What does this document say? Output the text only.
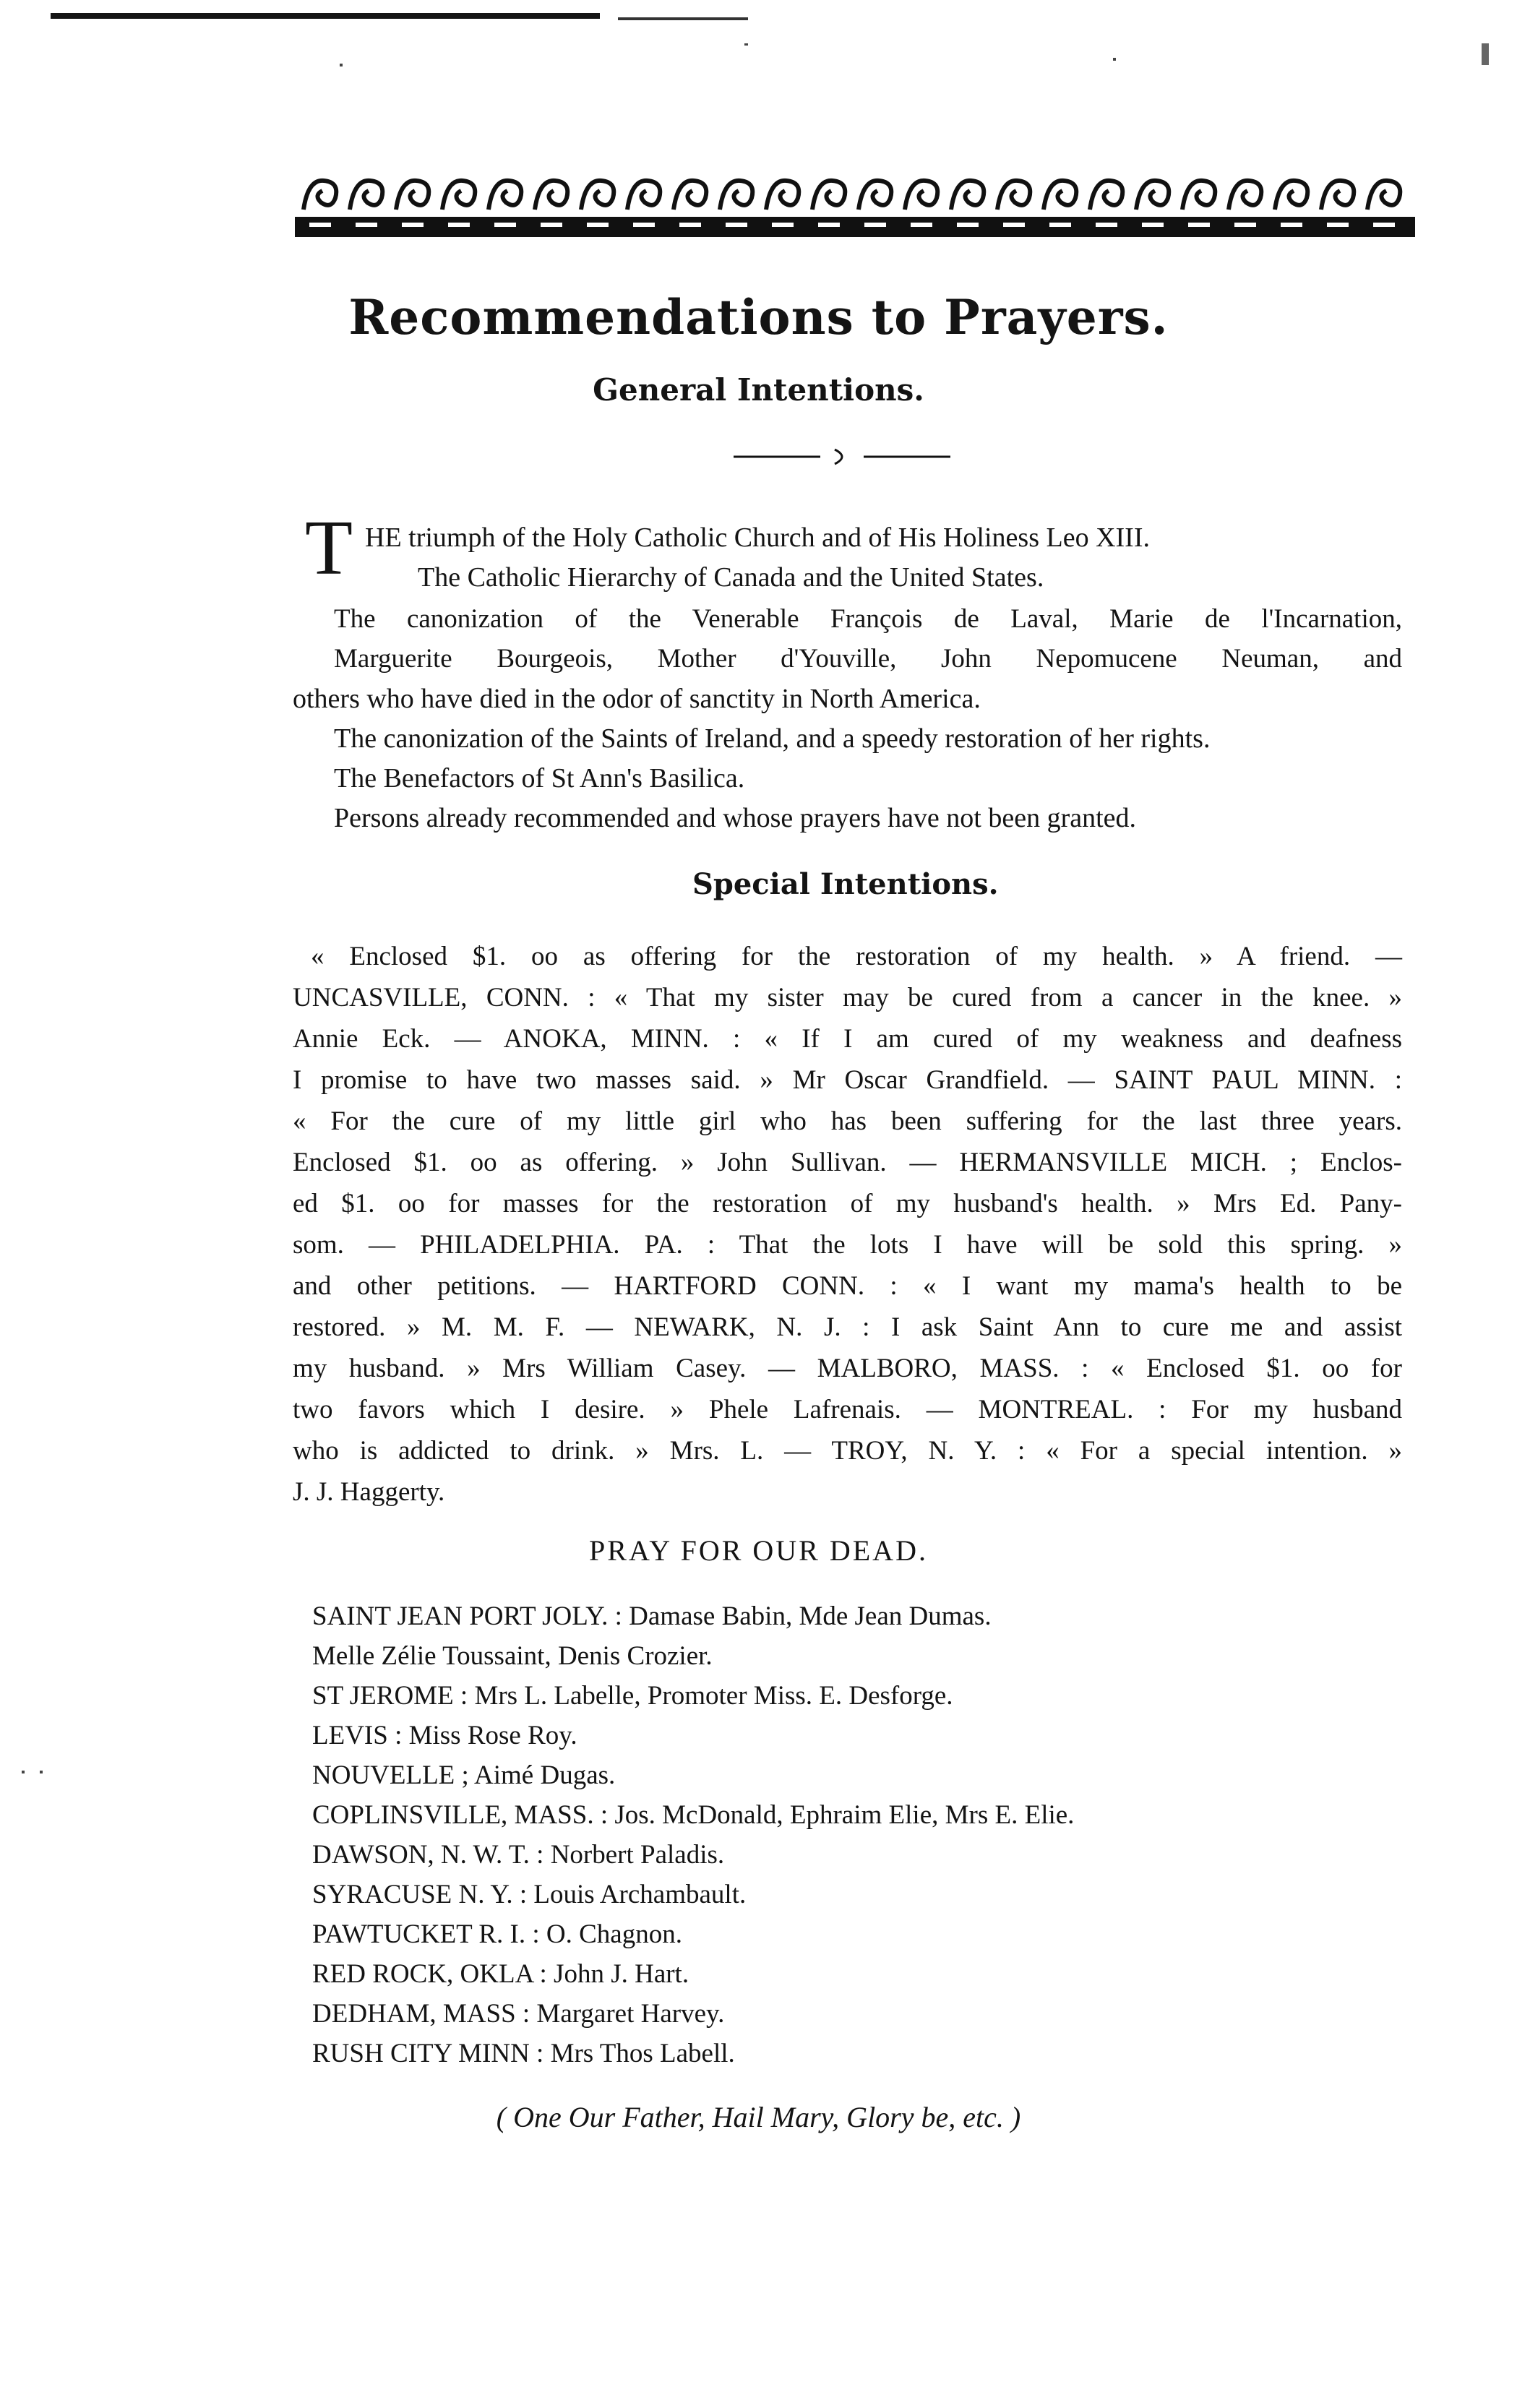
Recommendations to Prayers.
General Intentions.
T HE triumph of the Holy Catholic Church and of His Holiness Leo XIII.
The Catholic Hierarchy of Canada and the United States.
The canonization of the Venerable François de Laval, Marie de l'Incarnation,
Marguerite Bourgeois, Mother d'Youville, John Nepomucene Neuman, and
others who have died in the odor of sanctity in North America.
The canonization of the Saints of Ireland, and a speedy restoration of her rights.
The Benefactors of St Ann's Basilica.
Persons already recommended and whose prayers have not been granted.
Special Intentions.
« Enclosed $1. oo as offering for the restoration of my health. » A friend. —
UNCASVILLE, CONN. : « That my sister may be cured from a cancer in the knee. »
Annie Eck. — ANOKA, MINN. : « If I am cured of my weakness and deafness
I promise to have two masses said. » Mr Oscar Grandfield. — SAINT PAUL MINN. :
« For the cure of my little girl who has been suffering for the last three years.
Enclosed $1. oo as offering. » John Sullivan. — HERMANSVILLE MICH. ; Enclos-
ed $1. oo for masses for the restoration of my husband's health. » Mrs Ed. Pany-
som. — PHILADELPHIA. PA. : That the lots I have will be sold this spring. »
and other petitions. — HARTFORD CONN. : « I want my mama's health to be
restored. » M. M. F. — NEWARK, N. J. : I ask Saint Ann to cure me and assist
my husband. » Mrs William Casey. — MALBORO, MASS. : « Enclosed $1. oo for
two favors which I desire. » Phele Lafrenais. — MONTREAL. : For my husband
who is addicted to drink. » Mrs. L. — TROY, N. Y. : « For a special intention. »
J. J. Haggerty.
PRAY FOR OUR DEAD.
SAINT JEAN PORT JOLY. : Damase Babin, Mde Jean Dumas.
Melle Zélie Toussaint, Denis Crozier.
ST JEROME : Mrs L. Labelle, Promoter Miss. E. Desforge.
LEVIS : Miss Rose Roy.
NOUVELLE ; Aimé Dugas.
COPLINSVILLE, MASS. : Jos. McDonald, Ephraim Elie, Mrs E. Elie.
DAWSON, N. W. T. : Norbert Paladis.
SYRACUSE N. Y. : Louis Archambault.
PAWTUCKET R. I. : O. Chagnon.
RED ROCK, OKLA : John J. Hart.
DEDHAM, MASS : Margaret Harvey.
RUSH CITY MINN : Mrs Thos Labell.
( One Our Father, Hail Mary, Glory be, etc. )
